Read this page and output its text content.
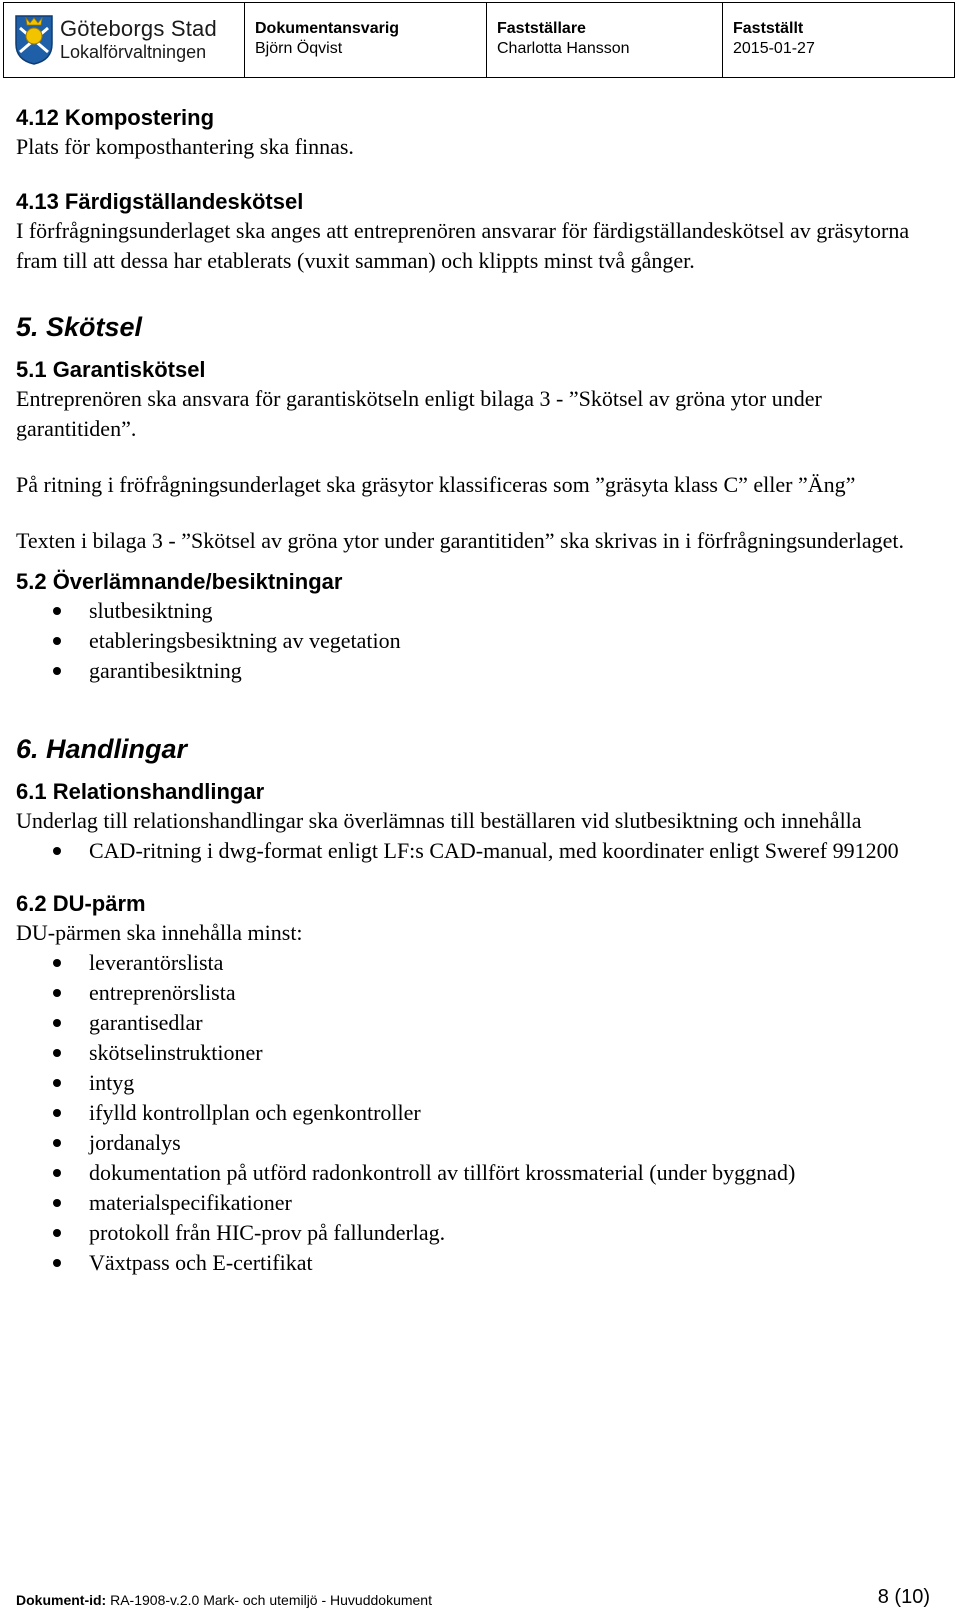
Göteborgs Stad
Lokalförvaltningen
Dokumentansvarig
Björn Öqvist
Fastställare
Charlotta Hansson
Fastställt
2015-01-27
4.12 Kompostering

Plats för komposthantering ska finnas.

4.13 Färdigställandeskötsel

I förfrågningsunderlaget ska anges att entreprenören ansvarar för färdigställandeskötsel av gräsytorna fram till att dessa har etablerats (vuxit samman) och klippts minst två gånger.

5. Skötsel
5.1 Garantiskötsel

Entreprenören ska ansvara för garantiskötseln enligt bilaga 3 - ”Skötsel av gröna ytor under garantitiden”.

På ritning i fröfrågningsunderlaget ska gräsytor klassificeras som ”gräsyta klass C” eller ”Äng”

Texten i bilaga 3 - ”Skötsel av gröna ytor under garantitiden” ska skrivas in i förfrågningsunderlaget.

5.2 Överlämnande/besiktningar
slutbesiktning
etableringsbesiktning av vegetation
garantibesiktning
6. Handlingar
6.1 Relationshandlingar

Underlag till relationshandlingar ska överlämnas till beställaren vid slutbesiktning och innehålla

CAD-ritning i dwg-format enligt LF:s CAD-manual, med koordinater enligt Sweref 991200
6.2 DU-pärm

DU-pärmen ska innehålla minst:

leverantörslista
entreprenörslista
garantisedlar
skötselinstruktioner
intyg
ifylld kontrollplan och egenkontroller
jordanalys
dokumentation på utförd radonkontroll av tillfört krossmaterial (under byggnad)
materialspecifikationer
protokoll från HIC-prov på fallunderlag.
Växtpass och E-certifikat
Dokument-id: RA-1908-v.2.0 Mark- och utemiljö - Huvuddokument	8 (10)
